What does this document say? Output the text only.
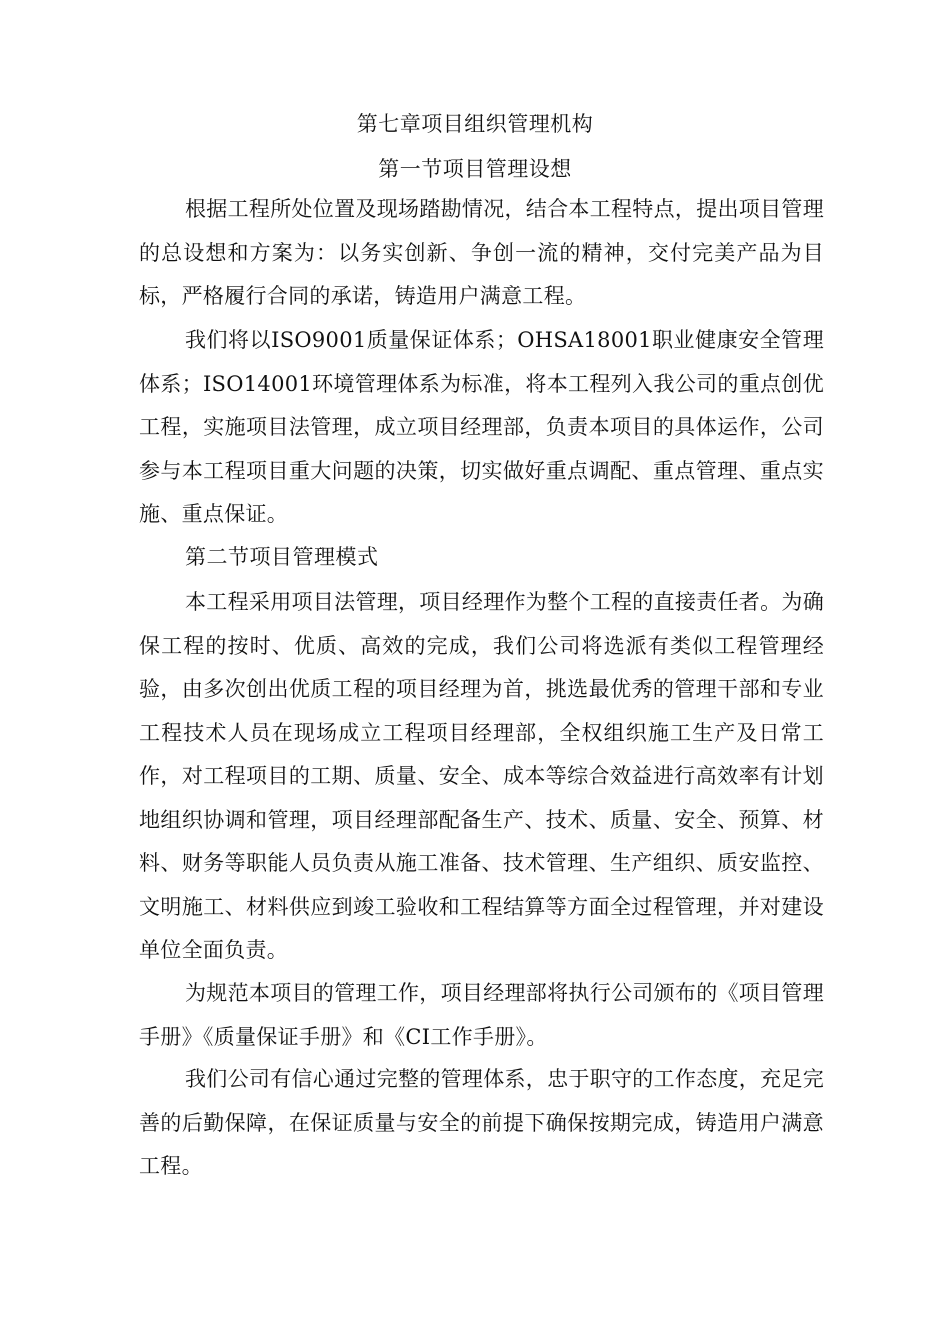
第七章项目组织管理机构
第一节项目管理设想

根据工程所处位置及现场踏勘情况，结合本工程特点，提出项目管理的总设想和方案为：以务实创新、争创一流的精神，交付完美产品为目标，严格履行合同的承诺，铸造用户满意工程。

我们将以ISO9001质量保证体系；OHSA18001职业健康安全管理体系；ISO14001环境管理体系为标准，将本工程列入我公司的重点创优工程，实施项目法管理，成立项目经理部，负责本项目的具体运作，公司参与本工程项目重大问题的决策，切实做好重点调配、重点管理、重点实施、重点保证。

第二节项目管理模式

本工程采用项目法管理，项目经理作为整个工程的直接责任者。为确保工程的按时、优质、高效的完成，我们公司将选派有类似工程管理经验，由多次创出优质工程的项目经理为首，挑选最优秀的管理干部和专业工程技术人员在现场成立工程项目经理部，全权组织施工生产及日常工作，对工程项目的工期、质量、安全、成本等综合效益进行高效率有计划地组织协调和管理，项目经理部配备生产、技术、质量、安全、预算、材料、财务等职能人员负责从施工准备、技术管理、生产组织、质安监控、文明施工、材料供应到竣工验收和工程结算等方面全过程管理，并对建设单位全面负责。

为规范本项目的管理工作，项目经理部将执行公司颁布的《项目管理手册》《质量保证手册》和《CI工作手册》。

我们公司有信心通过完整的管理体系，忠于职守的工作态度，充足完善的后勤保障，在保证质量与安全的前提下确保按期完成，铸造用户满意工程。
